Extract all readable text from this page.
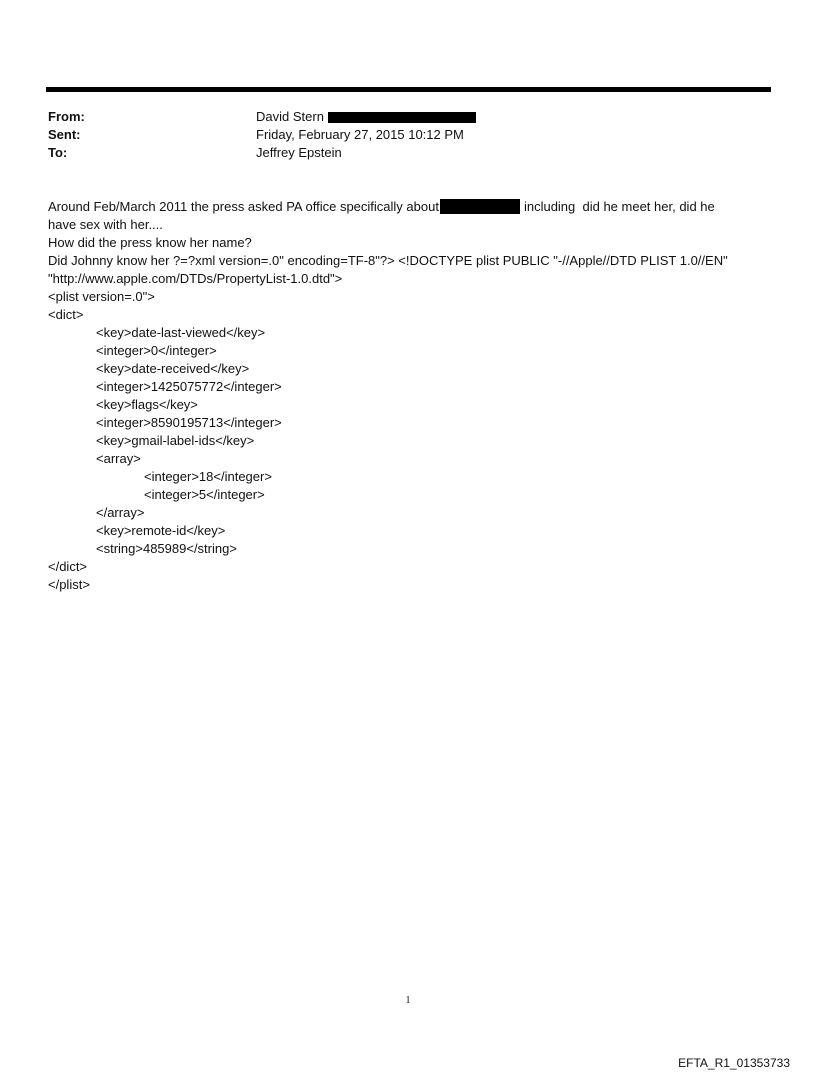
From:	David Stern
Sent:	Friday, February 27, 2015 10:12 PM
To:	Jeffrey Epstein
Around Feb/March 2011 the press asked PA office specifically about	including  did he meet her, did he
have sex with her....
How did the press know her name?
Did Johnny know her ?=?xml version=.0" encoding=TF-8"?> <!DOCTYPE plist PUBLIC "-//Apple//DTD PLIST 1.0//EN"
"http://www.apple.com/DTDs/PropertyList-1.0.dtd">
<plist version=.0">
<dict>
<key>date-last-viewed</key>
<integer>0</integer>
<key>date-received</key>
<integer>1425075772</integer>
<key>flags</key>
<integer>8590195713</integer>
<key>gmail-label-ids</key>
<array>
<integer>18</integer>
<integer>5</integer>
</array>
<key>remote-id</key>
<string>485989</string>
</dict>
</plist>
1
EFTA_R1_01353733
